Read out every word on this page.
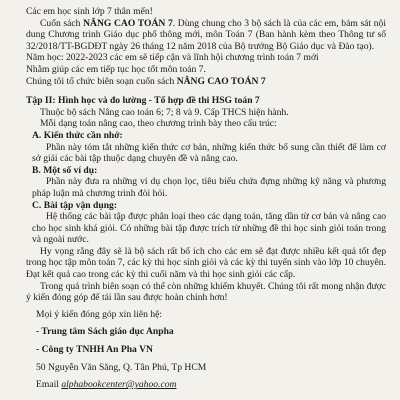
Các em học sinh lớp 7 thân mến!

Cuốn sách NÂNG CAO TOÁN 7. Dùng chung cho 3 bộ sách là của các em, bám sát nội dung Chương trình Giáo dục phổ thông mới, môn Toán 7 (Ban hành kèm theo Thông tư số 32/2018/TT-BGDĐT ngày 26 tháng 12 năm 2018 của Bộ trưởng Bộ Giáo dục và Đào tạo).

Năm học: 2022-2023 các em sẽ tiếp cận và lĩnh hội chương trình toán 7 mới

Nhằm giúp các em tiếp tục học tốt môn toán 7.

Chúng tôi tổ chức biên soạn cuốn sách NÂNG CAO TOÁN 7

Tập II: Hình học và đo lường - Tổ hợp đề thi HSG toán 7

Thuộc bộ sách Nâng cao toán 6; 7; 8 và 9. Cấp THCS hiện hành.

Mỗi dạng toán nâng cao, theo chương trình bày theo cấu trúc:

A. Kiến thức cần nhớ:

Phần này tóm tắt những kiến thức cơ bản, những kiến thức bổ sung cần thiết để làm cơ sở giải các bài tập thuộc dạng chuyên đề và nâng cao.

B. Một số ví dụ:

Phần này đưa ra những ví dụ chọn lọc, tiêu biểu chứa đựng những kỹ năng và phương pháp luận mà chương trình đòi hỏi.

C. Bài tập vận dụng:

Hệ thống các bài tập được phân loại theo các dạng toán, tăng dần từ cơ bản và nâng cao cho học sinh khá giỏi. Có những bài tập được trích từ những đề thi học sinh giỏi toán trong và ngoài nước.

Hy vọng rằng đây sẽ là bộ sách rất bổ ích cho các em sẽ đạt được nhiều kết quả tốt đẹp trong học tập môn toán 7, các kỳ thi học sinh giỏi và các kỳ thi tuyển sinh vào lớp 10 chuyên. Đạt kết quả cao trong các kỳ thi cuối năm và thi học sinh giỏi các cấp.

Trong quá trình biên soạn có thể còn những khiếm khuyết. Chúng tôi rất mong nhận được ý kiến đóng góp để tái lần sau được hoàn chỉnh hơn!

Mọi ý kiến đóng góp xin liên hệ:

- Trung tâm Sách giáo dục Anpha

- Công ty TNHH An Pha VN

50 Nguyễn Văn Săng, Q. Tân Phú, Tp HCM

Email alphabookcenter@yahoo.com
